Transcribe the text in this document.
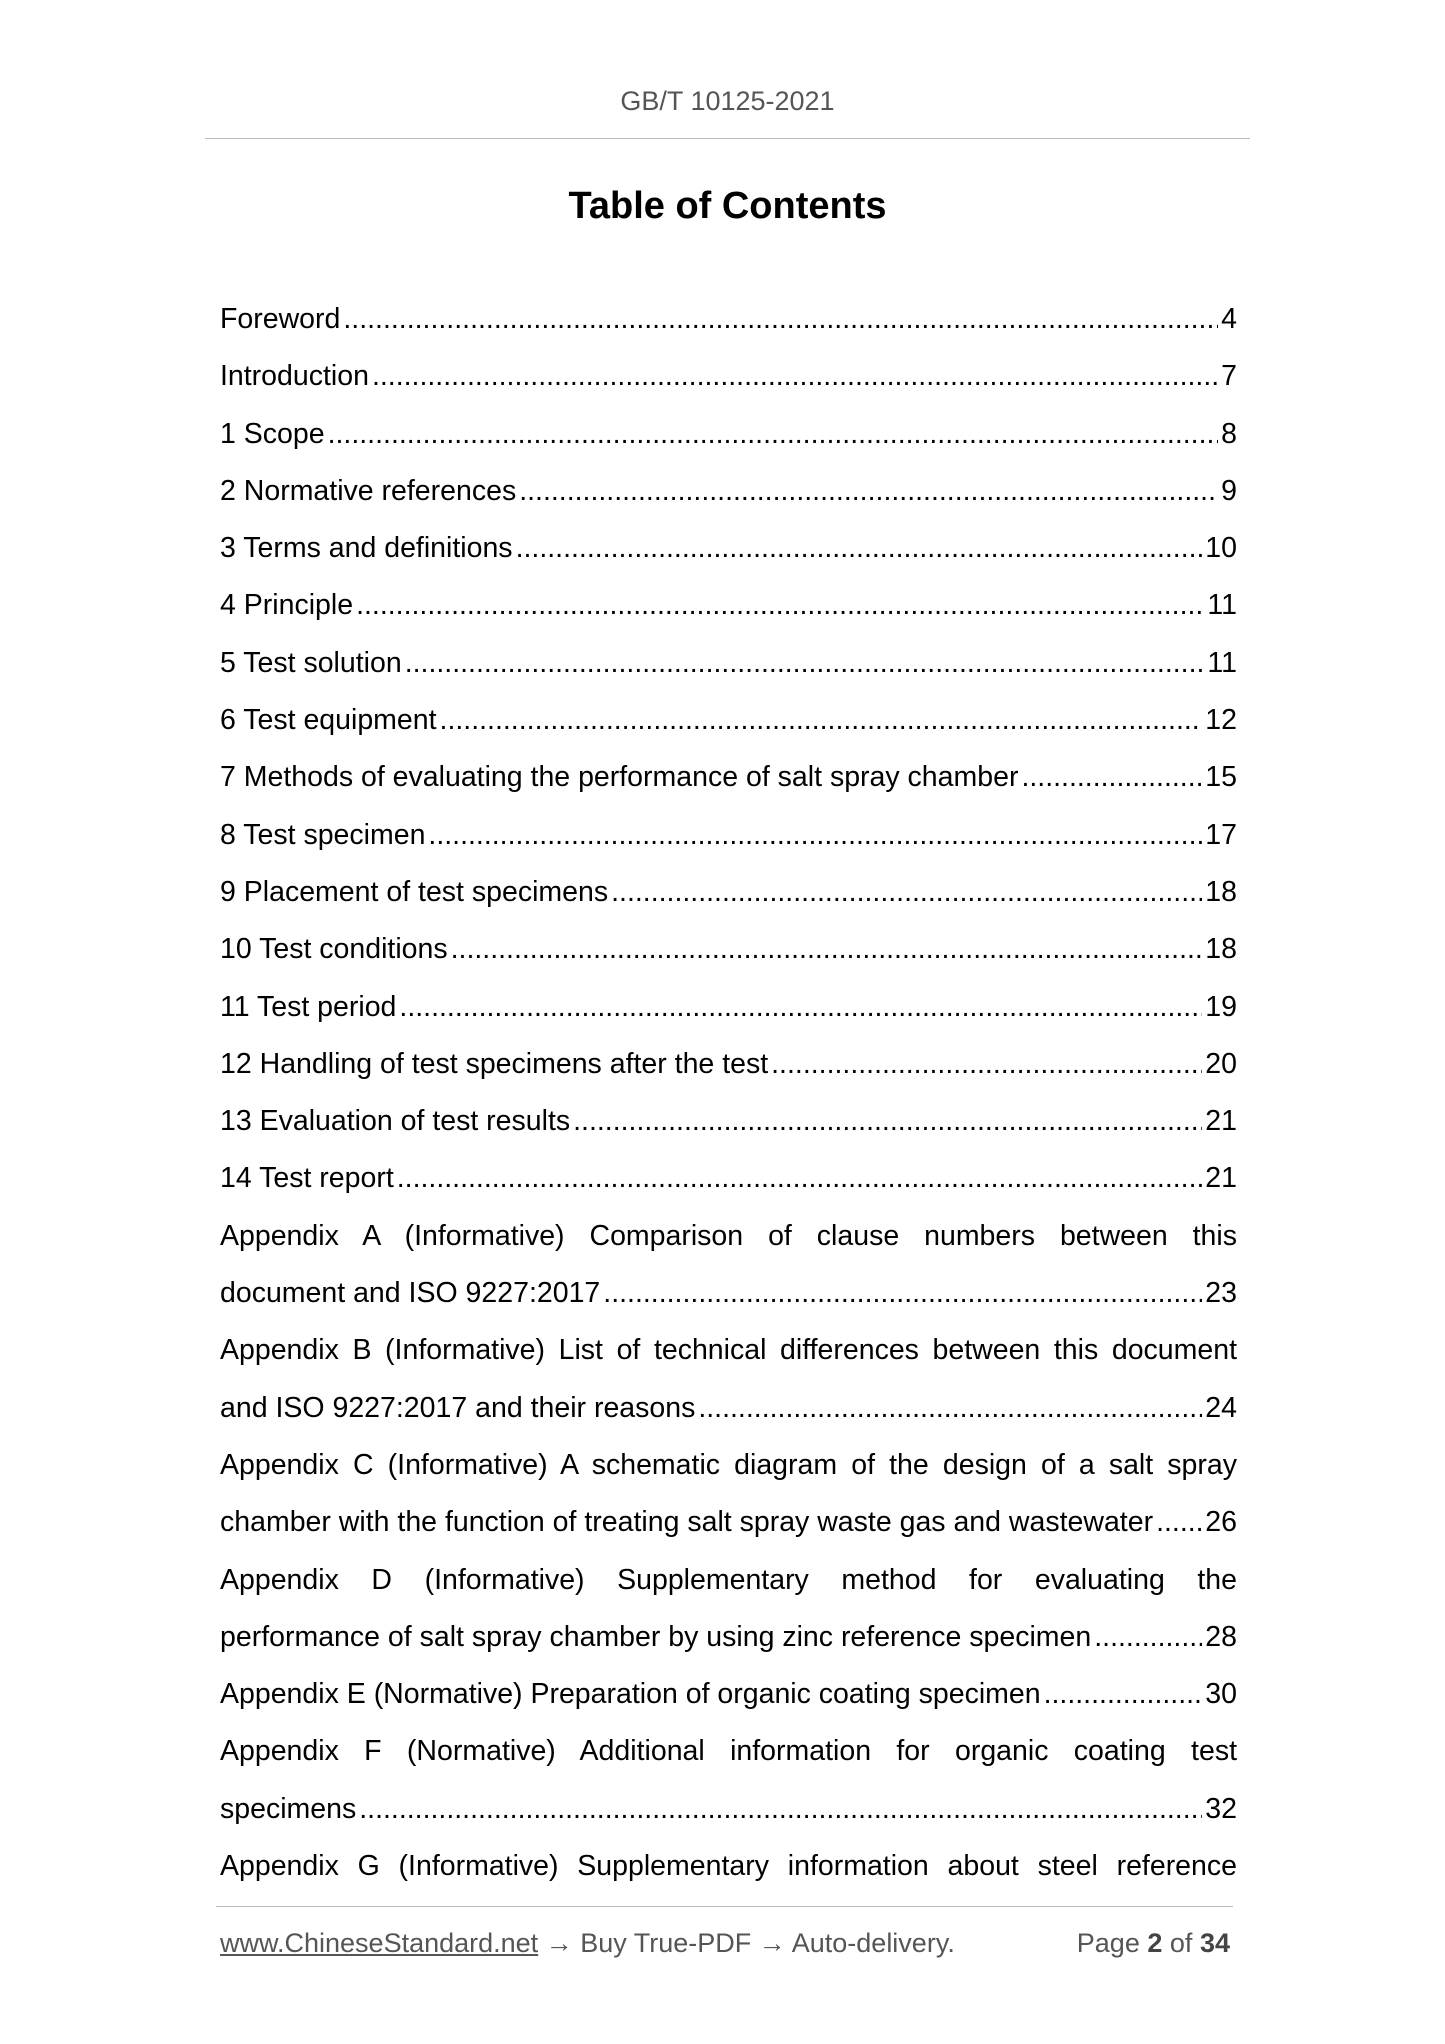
GB/T 10125-2021
Table of Contents
Foreword .....	4
Introduction .....	7
1 Scope .....	8
2 Normative references .....	9
3 Terms and definitions .....	10
4 Principle .....	11
5 Test solution .....	11
6 Test equipment .....	12
7 Methods of evaluating the performance of salt spray chamber .....	15
8 Test specimen .....	17
9 Placement of test specimens .....	18
10 Test conditions .....	18
11 Test period .....	19
12 Handling of test specimens after the test .....	20
13 Evaluation of test results .....	21
14 Test report .....	21
Appendix A (Informative) Comparison of clause numbers between this
document and ISO 9227:2017 .....	23
Appendix B (Informative) List of technical differences between this document
and ISO 9227:2017 and their reasons .....	24
Appendix C (Informative) A schematic diagram of the design of a salt spray
chamber with the function of treating salt spray waste gas and wastewater ..... 26
Appendix D (Informative) Supplementary method for evaluating the
performance of salt spray chamber by using zinc reference specimen .....	28
Appendix E (Normative) Preparation of organic coating specimen .....	30
Appendix F (Normative) Additional information for organic coating test
specimens .....	32
Appendix G (Informative) Supplementary information about steel reference
www.ChineseStandard.net → Buy True-PDF → Auto-delivery.	Page 2 of 34
